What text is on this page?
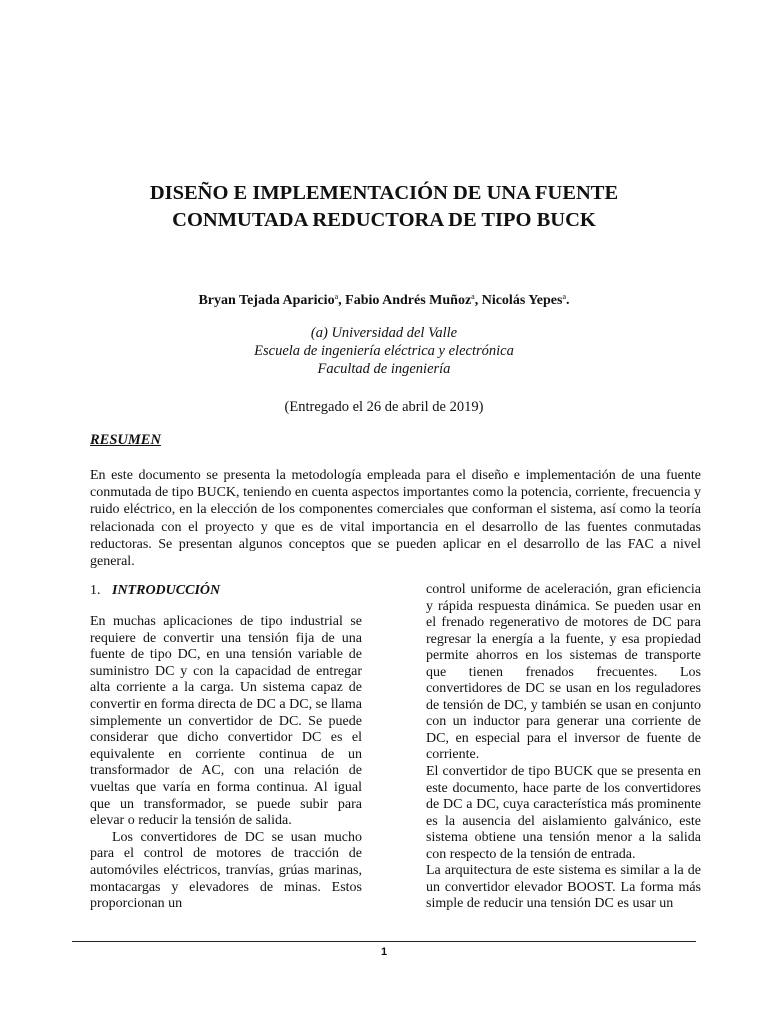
DISEÑO E IMPLEMENTACIÓN DE UNA FUENTE
CONMUTADA REDUCTORA DE TIPO BUCK
Bryan Tejada Aparicio$^a$, Fabio Andrés Muñoz$^a$, Nicolás Yepes$^a$.
(a) Universidad del Valle
Escuela de ingeniería eléctrica y electrónica
Facultad de ingeniería
(Entregado el 26 de abril de 2019)
RESUMEN
En este documento se presenta la metodología empleada para el diseño e implementación de una fuente conmutada de tipo BUCK, teniendo en cuenta aspectos importantes como la potencia, corriente, frecuencia y ruido eléctrico, en la elección de los componentes comerciales que conforman el sistema, así como la teoría relacionada con el proyecto y que es de vital importancia en el desarrollo de las fuentes conmutadas reductoras. Se presentan algunos conceptos que se pueden aplicar en el desarrollo de las FAC a nivel general.
1. INTRODUCCIÓN

En muchas aplicaciones de tipo industrial se requiere de convertir una tensión fija de una fuente de tipo DC, en una tensión variable de suministro DC y con la capacidad de entregar alta corriente a la carga. Un sistema capaz de convertir en forma directa de DC a DC, se llama simplemente un convertidor de DC. Se puede considerar que dicho convertidor DC es el equivalente en corriente continua de un transformador de AC, con una relación de vueltas que varía en forma continua. Al igual que un transformador, se puede subir para elevar o reducir la tensión de salida.

Los convertidores de DC se usan mucho para el control de motores de tracción de automóviles eléctricos, tranvías, grúas marinas, montacargas y elevadores de minas. Estos proporcionan un

control uniforme de aceleración, gran eficiencia y rápida respuesta dinámica. Se pueden usar en el frenado regenerativo de motores de DC para regresar la energía a la fuente, y esa propiedad permite ahorros en los sistemas de transporte que tienen frenados frecuentes. Los convertidores de DC se usan en los reguladores de tensión de DC, y también se usan en conjunto con un inductor para generar una corriente de DC, en especial para el inversor de fuente de corriente.

El convertidor de tipo BUCK que se presenta en este documento, hace parte de los convertidores de DC a DC, cuya característica más prominente es la ausencia del aislamiento galvánico, este sistema obtiene una tensión menor a la salida con respecto de la tensión de entrada.

La arquitectura de este sistema es similar a la de un convertidor elevador BOOST. La forma más simple de reducir una tensión DC es usar un

1
